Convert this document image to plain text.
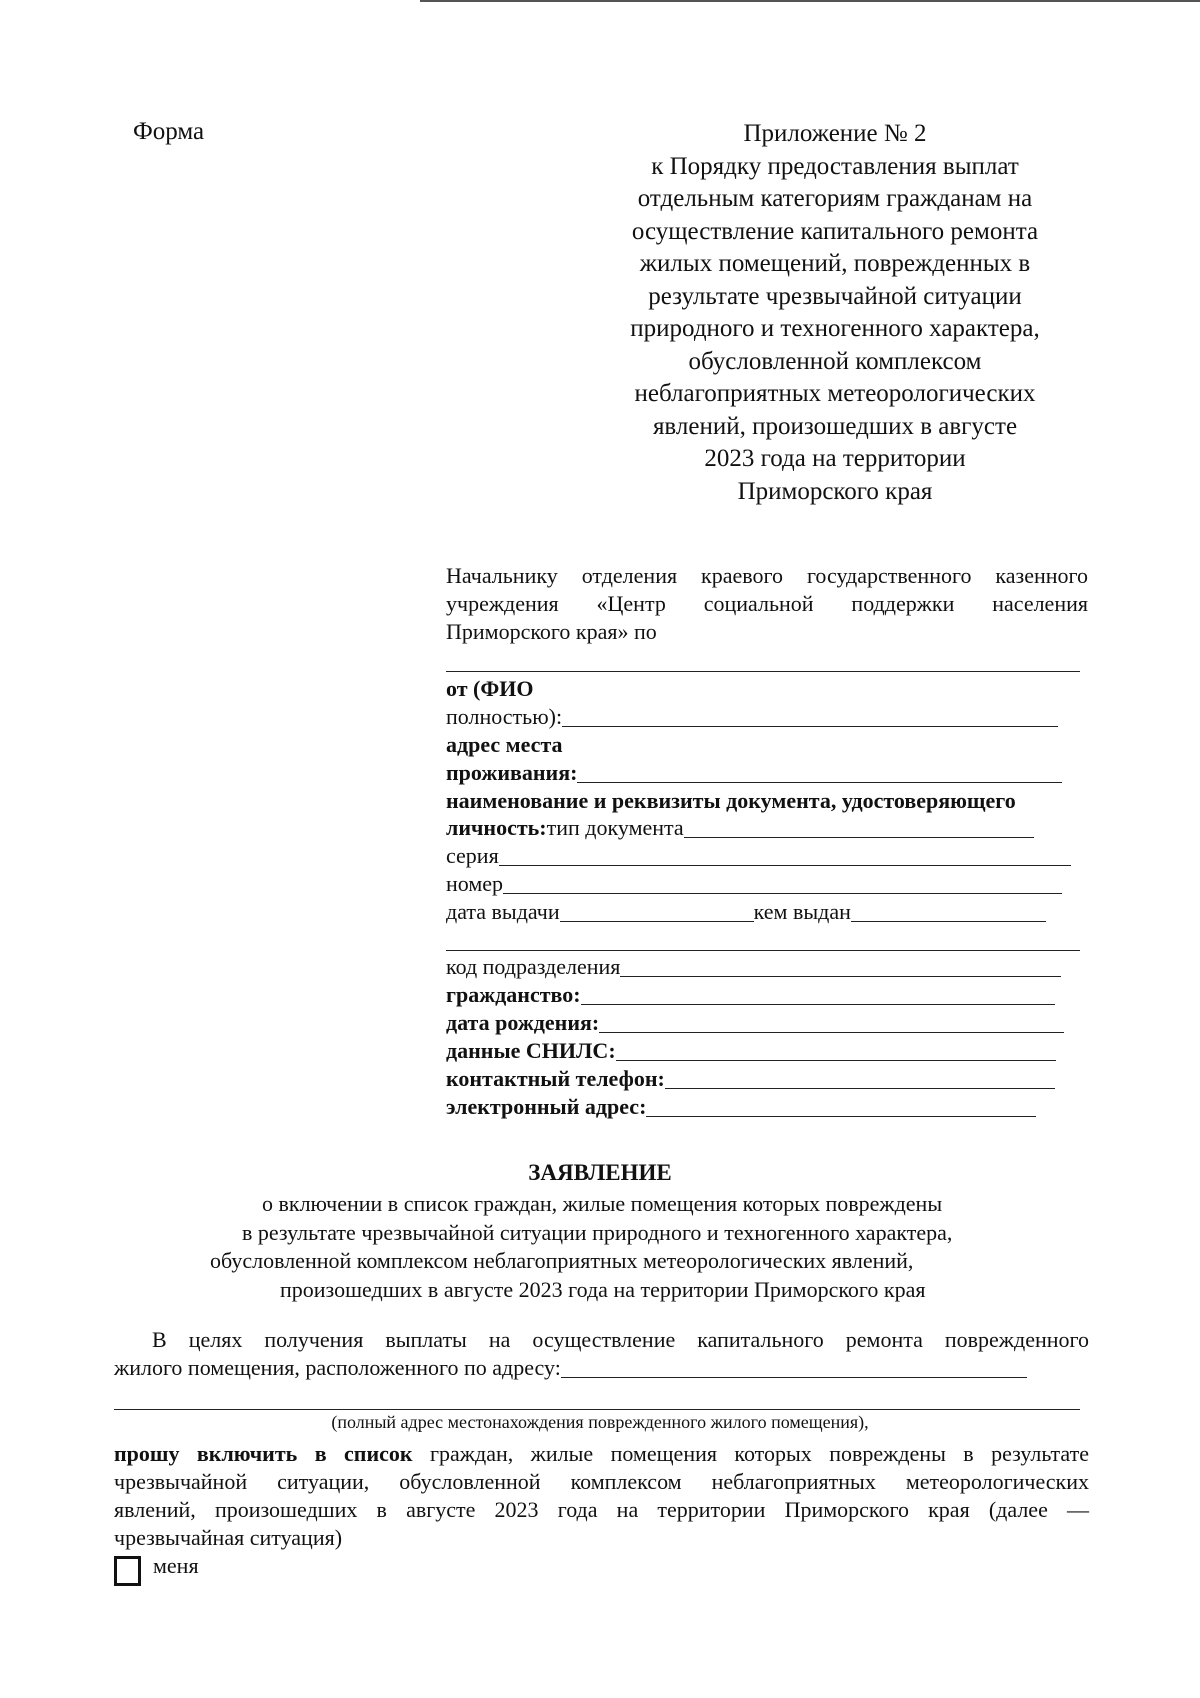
Форма	Приложение № 2
к Порядку предоставления выплат
отдельным категориям гражданам на
осуществление капитального ремонта
жилых помещений, поврежденных в
результате чрезвычайной ситуации
природного и техногенного характера,
обусловленной комплексом
неблагоприятных метеорологических
явлений, произошедших в августе
2023 года на территории
Приморского края
Начальнику отделения краевого государственного казенного
учреждения «Центр социальной поддержки населения
Приморского края» по
от (ФИО
полностью):
адрес места
проживания:
наименование и реквизиты документа, удостоверяющего
личность: тип документа
серия
номер
дата выдачи	кем выдан
код подразделения
гражданство:
дата рождения:
данные СНИЛС:
контактный телефон:
электронный адрес:
ЗАЯВЛЕНИЕ
о включении в список граждан, жилые помещения которых повреждены
в результате чрезвычайной ситуации природного и техногенного характера,
обусловленной комплексом неблагоприятных метеорологических явлений,
произошедших в августе 2023 года на территории Приморского края
В целях получения выплаты на осуществление капитального ремонта поврежденного
жилого помещения, расположенного по адресу:
(полный адрес местонахождения поврежденного жилого помещения),
прошу включить в список граждан, жилые помещения которых повреждены в результате
чрезвычайной ситуации, обусловленной комплексом неблагоприятных метеорологических
явлений, произошедших в августе 2023 года на территории Приморского края (далее —
чрезвычайная ситуация)
меня
